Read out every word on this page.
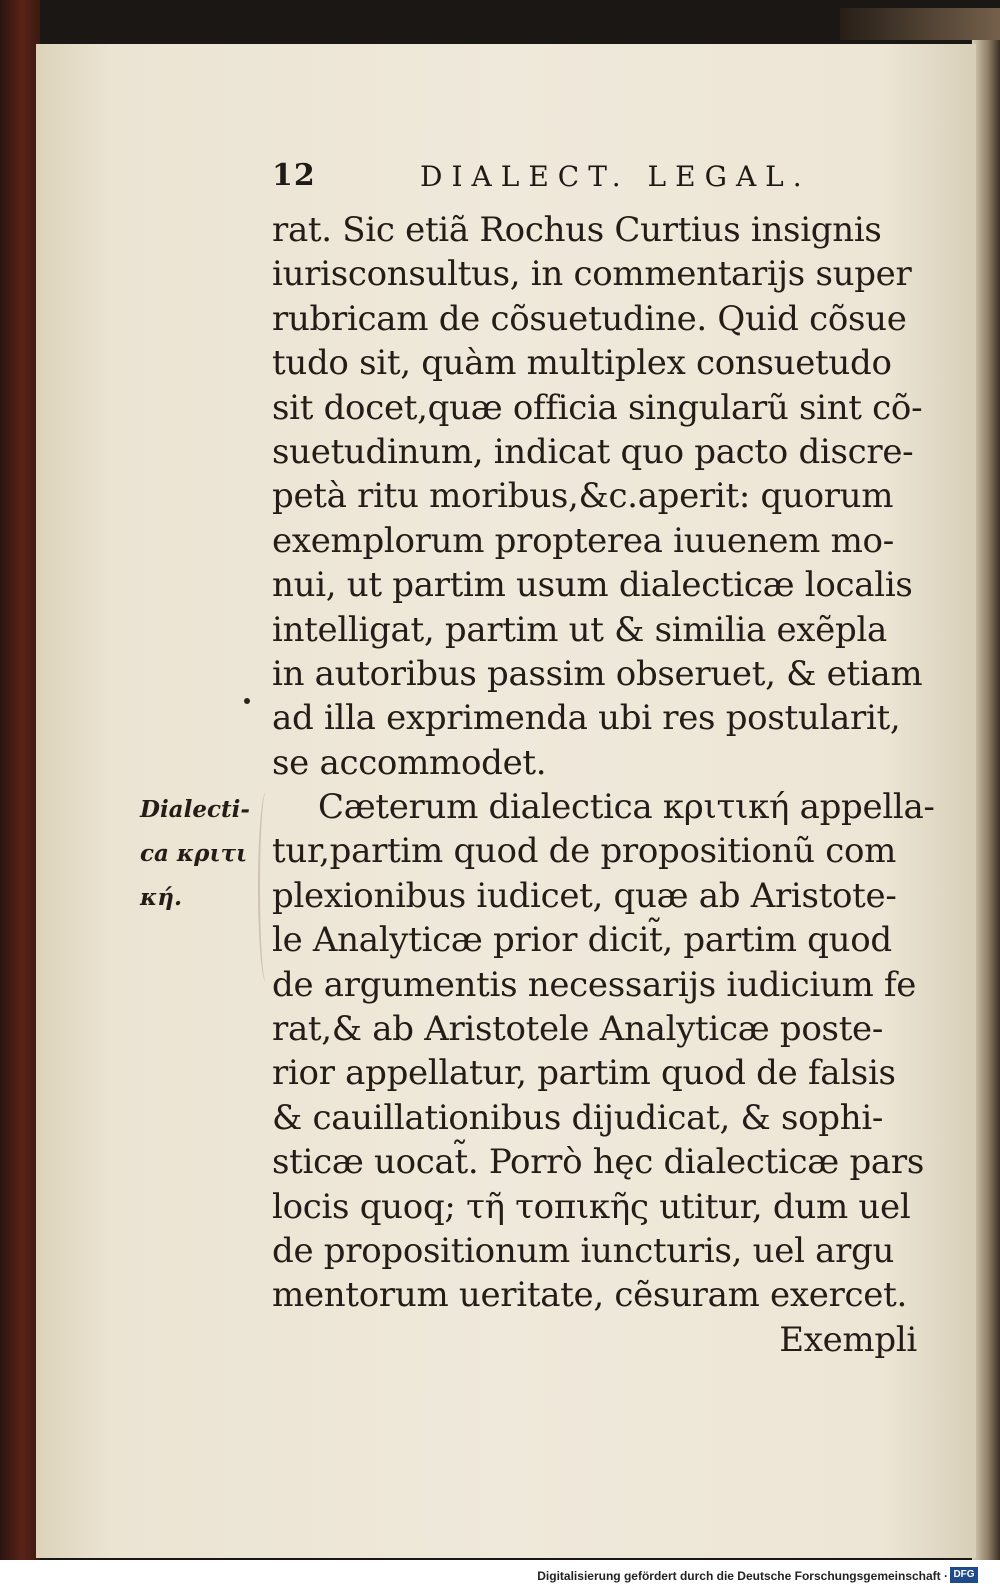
12	DIALECT. LEGAL.
Dialecti-
ca κριτι
κή.
rat. Sic etiã Rochus Curtius insignis
iurisconsultus, in commentarijs super
rubricam de cõsuetudine. Quid cõsue
tudo sit, quàm multiplex consuetudo
sit docet,quæ officia singularũ sint cõ-
suetudinum, indicat quo pacto discre-
petà ritu moribus,&c.aperit: quorum
exemplorum propterea iuuenem mo-
nui, ut partim usum dialecticæ localis
intelligat, partim ut & similia exẽpla
in autoribus passim obseruet, & etiam
ad illa exprimenda ubi res postularit,
se accommodet.
Cæterum dialectica κριτική appella-
tur,partim quod de propositionũ com
plexionibus iudicet, quæ ab Aristote-
le Analyticæ prior dicit̃, partim quod
de argumentis necessarijs iudicium fe
rat,& ab Aristotele Analyticæ poste-
rior appellatur, partim quod de falsis
& cauillationibus dijudicat, & sophi-
sticæ uocat̃. Porrò hęc dialecticæ pars
locis quoq; τῆ τοπικῆς utitur, dum uel
de propositionum iuncturis, uel argu
mentorum ueritate, cẽsuram exercet.
Exempli
Digitalisierung gefördert durch die Deutsche Forschungsgemeinschaft · DFG
